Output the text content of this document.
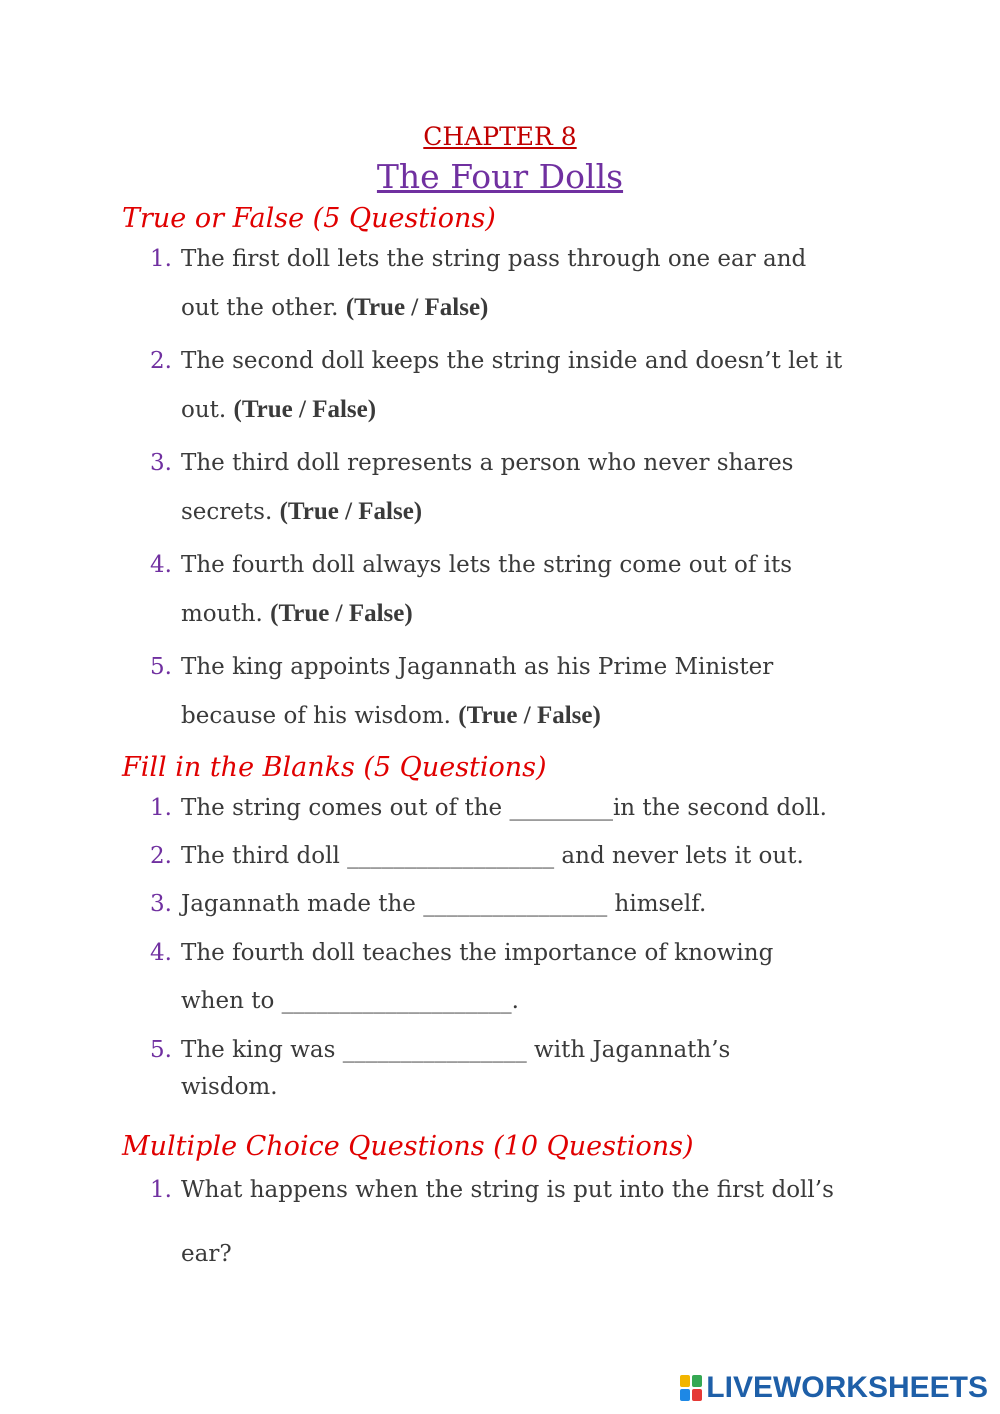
CHAPTER 8
The Four Dolls
True or False (5 Questions)
1. The first doll lets the string pass through one ear and
out the other. (True / False)
2. The second doll keeps the string inside and doesn’t let it
out. (True / False)
3. The third doll represents a person who never shares
secrets. (True / False)
4. The fourth doll always lets the string come out of its
mouth. (True / False)
5. The king appoints Jagannath as his Prime Minister
because of his wisdom. (True / False)
Fill in the Blanks (5 Questions)
1. The string comes out of the _________in the second doll.
2. The third doll __________________ and never lets it out.
3. Jagannath made the ________________ himself.
4. The fourth doll teaches the importance of knowing
when to ____________________.
5. The king was ________________ with Jagannath’s
wisdom.
Multiple Choice Questions (10 Questions)
1. What happens when the string is put into the first doll’s
ear?
LIVEWORKSHEETS
